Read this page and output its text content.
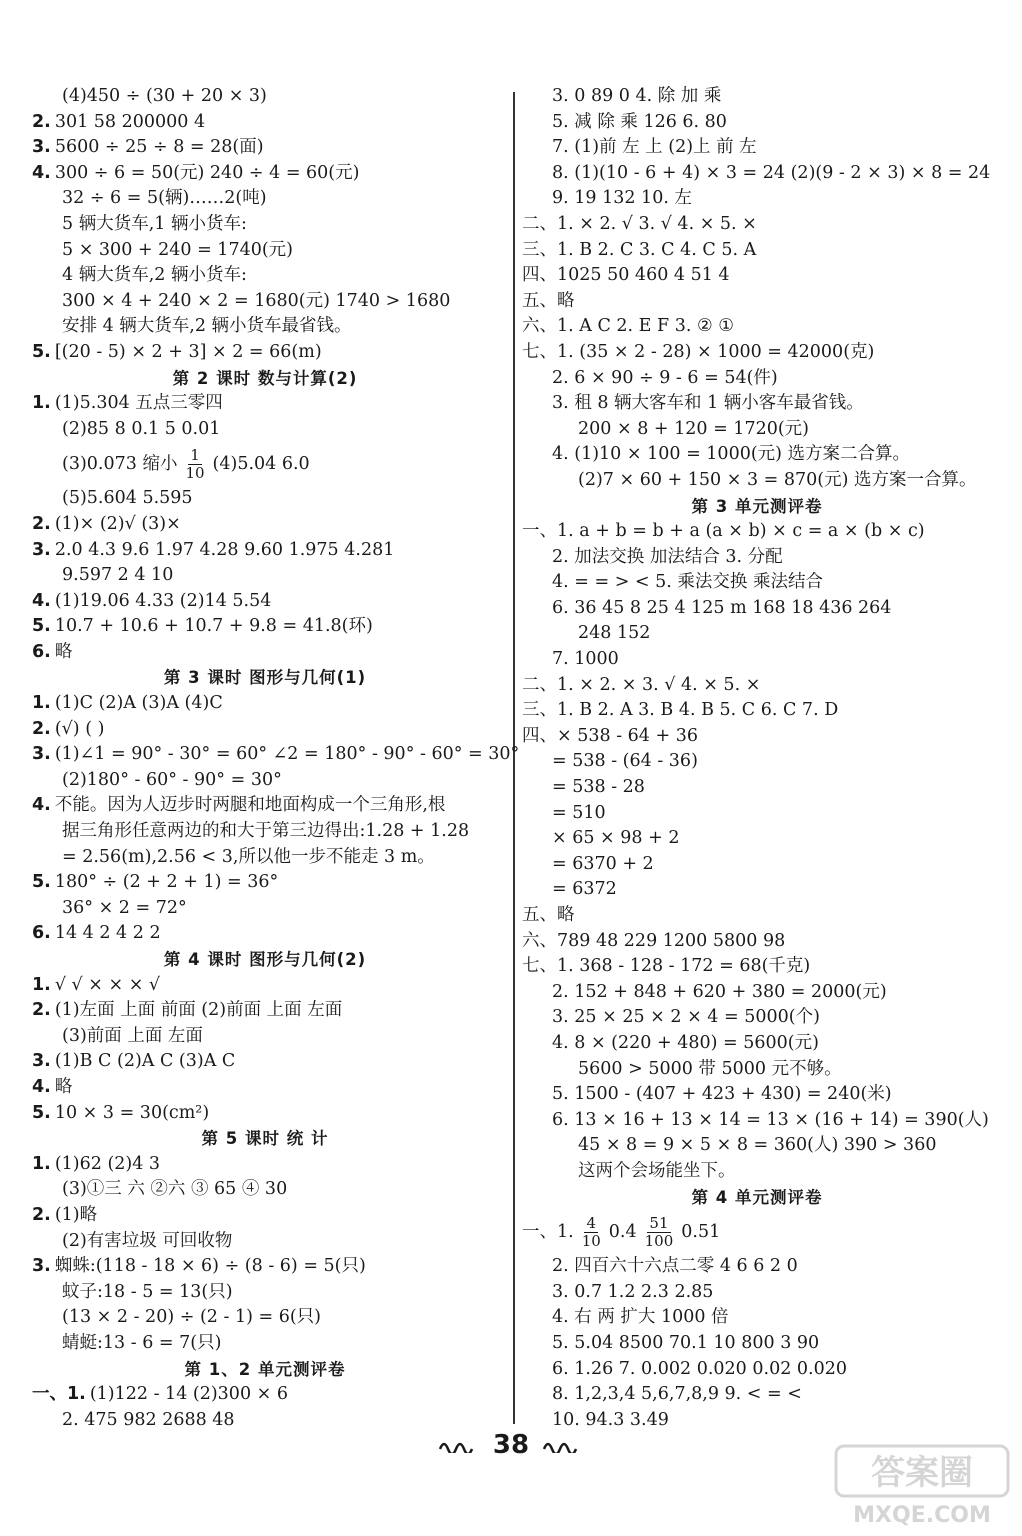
(4)450 ÷ (30 + 20 × 3)
2. 301 58 200000 4
3. 5600 ÷ 25 ÷ 8 = 28(面)
4. 300 ÷ 6 = 50(元) 240 ÷ 4 = 60(元)
32 ÷ 6 = 5(辆)……2(吨)
5 辆大货车,1 辆小货车:
5 × 300 + 240 = 1740(元)
4 辆大货车,2 辆小货车:
300 × 4 + 240 × 2 = 1680(元) 1740 > 1680
安排 4 辆大货车,2 辆小货车最省钱。
5. [(20 - 5) × 2 + 3] × 2 = 66(m)
第 2 课时 数与计算(2)
1. (1)5.304 五点三零四
(2)85 8 0.1 5 0.01
(3)0.073 缩小 $\frac{1}{10} (4)5.04$ 6.0
(5)5.604 5.595
2. (1)× (2)√ (3)×
3. 2.0 4.3 9.6 1.97 4.28 9.60 1.975 4.281
9.597 2 4 10
4. (1)19.06 4.33 (2)14 5.54
5. 10.7 + 10.6 + 10.7 + 9.8 = 41.8(环)
6. 略
第 3 课时 图形与几何(1)
1. (1)C (2)A (3)A (4)C
2. (√) ( )
3. (1)∠1 = 90° - 30° = 60° ∠2 = 180° - 90° - 60° = 30°
(2)180° - 60° - 90° = 30°
4. 不能。因为人迈步时两腿和地面构成一个三角形,根
据三角形任意两边的和大于第三边得出:1.28 + 1.28
= 2.56(m),2.56 < 3,所以他一步不能走 3 m。
5. 180° ÷ (2 + 2 + 1) = 36°
36° × 2 = 72°
6. 14 4 2 4 2 2
第 4 课时 图形与几何(2)
1. √ √ × × × √
2. (1)左面 上面 前面 (2)前面 上面 左面
(3)前面 上面 左面
3. (1)B C (2)A C (3)A C
4. 略
5. 10 × 3 = 30(cm²)
第 5 课时 统 计
1. (1)62 (2)4 3
(3)①三 六 ②六 ③ 65 ④ 30
2. (1)略
(2)有害垃圾 可回收物
3. 蜘蛛:(118 - 18 × 6) ÷ (8 - 6) = 5(只)
蚊子:18 - 5 = 13(只)
(13 × 2 - 20) ÷ (2 - 1) = 6(只)
蜻蜓:13 - 6 = 7(只)
第 1、2 单元测评卷
一、1. (1)122 - 14 (2)300 × 6
2. 475 982 2688 48
3. 0 89 0 4. 除 加 乘
5. 减 除 乘 126 6. 80
7. (1)前 左 上 (2)上 前 左
8. (1)(10 - 6 + 4) × 3 = 24 (2)(9 - 2 × 3) × 8 = 24
9. 19 132 10. 左
二、1. × 2. √ 3. √ 4. × 5. ×
三、1. B 2. C 3. C 4. C 5. A
四、1025 50 460 4 51 4
五、略
六、1. A C 2. E F 3. ② ①
七、1. (35 × 2 - 28) × 1000 = 42000(克)
2. 6 × 90 ÷ 9 - 6 = 54(件)
3. 租 8 辆大客车和 1 辆小客车最省钱。
200 × 8 + 120 = 1720(元)
4. (1)10 × 100 = 1000(元) 选方案二合算。
(2)7 × 60 + 150 × 3 = 870(元) 选方案一合算。
第 3 单元测评卷
一、1. a + b = b + a (a × b) × c = a × (b × c)
2. 加法交换 加法结合 3. 分配
4. = = > < 5. 乘法交换 乘法结合
6. 36 45 8 25 4 125 m 168 18 436 264
248 152
7. 1000
二、1. × 2. × 3. √ 4. × 5. ×
三、1. B 2. A 3. B 4. B 5. C 6. C 7. D
四、× 538 - 64 + 36
= 538 - (64 - 36)
= 538 - 28
= 510
× 65 × 98 + 2
= 6370 + 2
= 6372
五、略
六、789 48 229 1200 5800 98
七、1. 368 - 128 - 172 = 68(千克)
2. 152 + 848 + 620 + 380 = 2000(元)
3. 25 × 25 × 2 × 4 = 5000(个)
4. 8 × (220 + 480) = 5600(元)
5600 > 5000 带 5000 元不够。
5. 1500 - (407 + 423 + 430) = 240(米)
6. 13 × 16 + 13 × 14 = 13 × (16 + 14) = 390(人)
45 × 8 = 9 × 5 × 8 = 360(人) 390 > 360
这两个会场能坐下。
第 4 单元测评卷
一、1. $\frac{4}{10} 0.4 \frac{51}{100} 0.51$
2. 四百六十六点二零 4 6 6 2 0
3. 0.7 1.2 2.3 2.85
4. 右 两 扩大 1000 倍
5. 5.04 8500 70.1 10 800 3 90
6. 1.26 7. 0.002 0.020 0.02 0.020
8. 1,2,3,4 5,6,7,8,9 9. < = <
10. 94.3 3.49
38
答案圈
MXQE.COM
